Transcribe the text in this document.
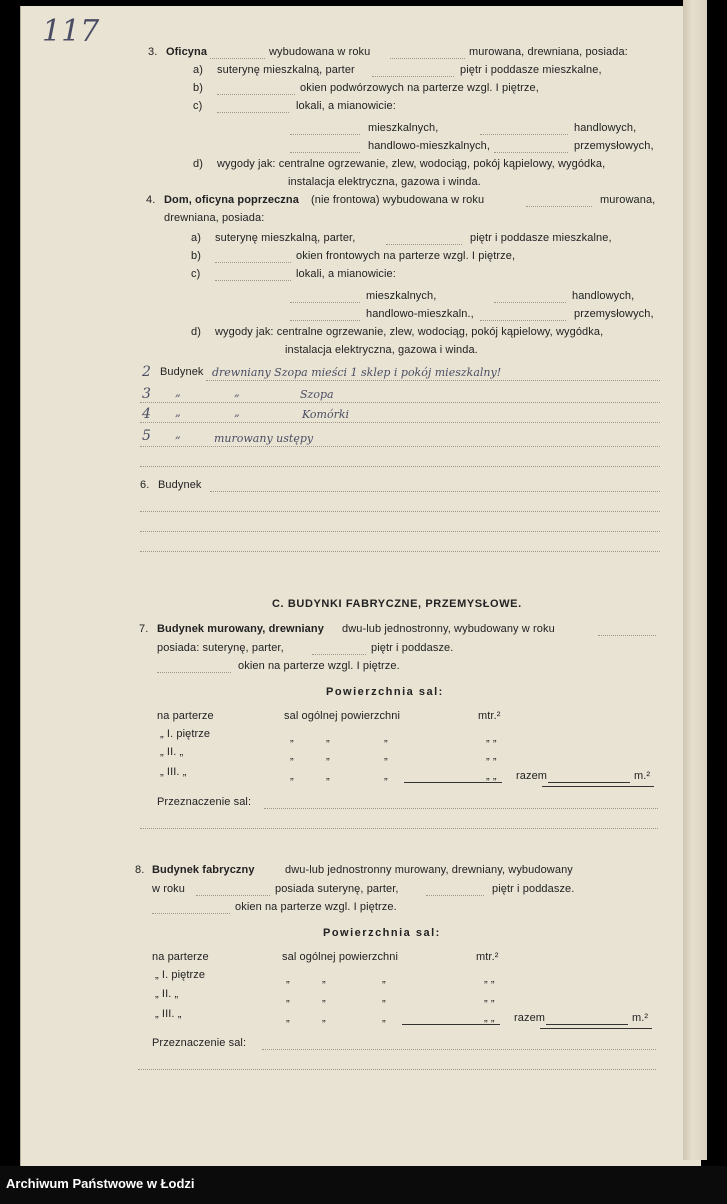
117
3. Oficyna	wybudowana w roku	murowana, drewniana, posiada:
a) suterynę mieszkalną, parter	piętr i poddasze mieszkalne,
b)	okien podwórzowych na parterze wzgl. I piętrze,
c)	lokali, a mianowicie:
mieszkalnych,	handlowych,
handlowo-mieszkalnych,	przemysłowych,
d) wygody jak: centralne ogrzewanie, zlew, wodociąg, pokój kąpielowy, wygódka,
instalacja elektryczna, gazowa i winda.
4. Dom, oficyna poprzeczna (nie frontowa) wybudowana w roku	murowana,
drewniana, posiada:
a) suterynę mieszkalną, parter,	piętr i poddasze mieszkalne,
b)	okien frontowych na parterze wzgl. I piętrze,
c)	lokali, a mianowicie:
mieszkalnych,	handlowych,
handlowo-mieszkaln.,	przemysłowych,
d) wygody jak: centralne ogrzewanie, zlew, wodociąg, pokój kąpielowy, wygódka,
instalacja elektryczna, gazowa i winda.
2 Budynek drewniany Szopa mieści 1 sklep i pokój mieszkalny!
3 „	„	Szopa
4 „	„	Komórki
5 „	murowany ustępy
6. Budynek
C. BUDYNKI FABRYCZNE, PRZEMYSŁOWE.
7. Budynek murowany, drewniany dwu-lub jednostronny, wybudowany w roku
posiada: suterynę, parter,	piętr i poddasze.
okien na parterze wzgl. I piętrze.
Powierzchnia sal:
na parterze	sal ogólnej powierzchni	mtr.²
„ I. piętrze	„	„	„	„ „
„ II. „	„	„	„	„ „
„ III. „	„	„	„	„ „ razem	m.²
Przeznaczenie sal:
8. Budynek fabryczny	dwu-lub jednostronny murowany, drewniany, wybudowany
w roku	posiada suterynę, parter,	piętr i poddasze.
okien na parterze wzgl. I piętrze.
Powierzchnia sal:
na parterze	sal ogólnej powierzchni	mtr.²
„ I. piętrze	„	„	„	„ „
„ II. „	„	„	„	„ „
„ III. „	„	„	„	„ „ razem	m.²
Przeznaczenie sal:
Archiwum Państwowe w Łodzi
